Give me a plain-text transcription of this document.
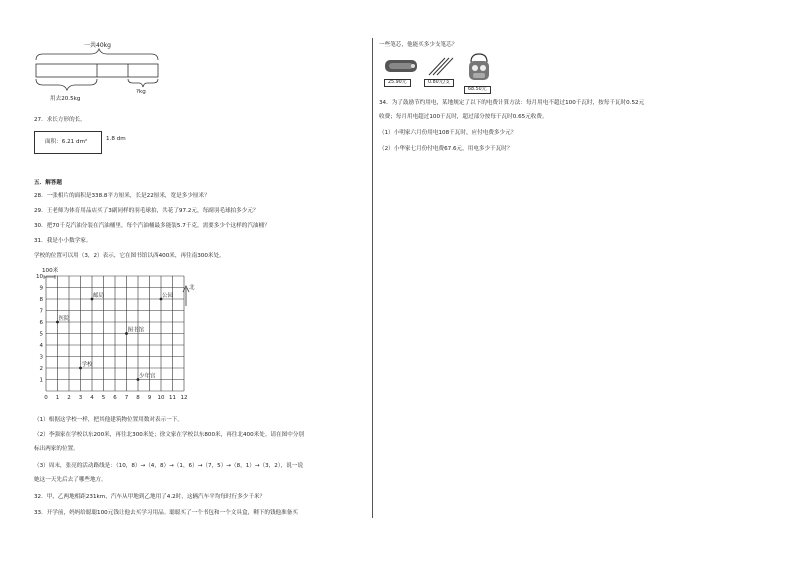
一共40kg
用去20.5kg
?kg
27．求长方形的长。
面积：6.21 dm²	1.8 dm
五．解答题
28．一张相片的面积是338.8平方厘米，长是22厘米，宽是多少厘米？
29．王老师为体育用品店买了3副同样的羽毛球拍，共花了97.2元，每副羽毛球拍多少元？
30．把70千克汽油分装在汽油桶里，每个汽油桶最多能装5.7千克，需要多少个这样的汽油桶？
31．我是小小数学家。
学校的位置可以用（3，2）表示，它在图书馆以西400米，再往南300米处。
100米
0 1 2 3 4 5 6 7 8 9 10 11 12
1
2
3
4
5
6
7
8
9
10
邮局	公园
医院
图书馆
学校
少年宫
北
（1）根据这学校一样，把其他建筑物位置用数对表示一下。
（2）李强家在学校以东200米，再往北300米处；徐文家在学校以东800米，再往北400米处。请在图中分别
标出两家的位置。
（3）周末，张亮的活动路线是：（10，8）→（4，8）→（1，6）→（7，5）→（8，1）→（3，2），说一说
她这一天先后去了哪些地方。
32．甲、乙两地相距231km，汽车从甲地到乙地用了4.2时，这辆汽车平均每时行多少千米？
33．开学前，妈妈给聪聪100元钱让他去买学习用品。聪聪买了一个书包和一个文具盒，剩下的钱他准备买
一些笔芯，他能买多少支笔芯？
25.90元	0.80元/支
68.50元
34．为了鼓励节约用电，某地规定了以下的电费计算方法：每月用电不超过100千瓦时，按每千瓦时0.52元
收费；每月用电超过100千瓦时，超过部分按每千瓦时0.65元收费。
（1）小明家六月份用电108千瓦时，应付电费多少元？
（2）小华家七月份付电费67.6元，用电多少千瓦时？
